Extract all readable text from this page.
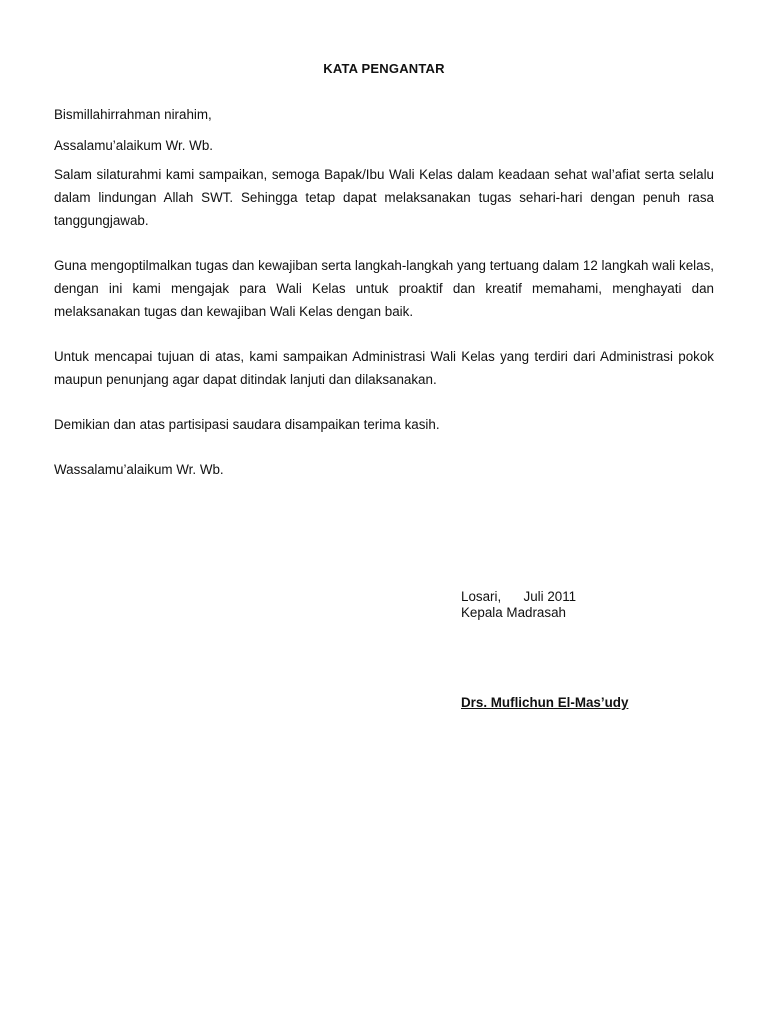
KATA PENGANTAR

Bismillahirrahman nirahim,

Assalamu’alaikum Wr. Wb.

Salam silaturahmi kami sampaikan, semoga Bapak/Ibu Wali Kelas dalam keadaan sehat wal’afiat serta selalu dalam lindungan Allah SWT. Sehingga tetap dapat melaksanakan tugas sehari-hari dengan penuh rasa tanggungjawab.

Guna mengoptilmalkan tugas dan kewajiban serta langkah-langkah yang tertuang dalam 12 langkah wali kelas, dengan ini kami mengajak para Wali Kelas untuk proaktif dan kreatif memahami, menghayati dan melaksanakan tugas dan kewajiban Wali Kelas dengan baik.

Untuk mencapai tujuan di atas, kami sampaikan Administrasi Wali Kelas yang terdiri dari Administrasi pokok maupun penunjang agar dapat ditindak lanjuti dan dilaksanakan.

Demikian dan atas partisipasi saudara disampaikan terima kasih.

Wassalamu’alaikum Wr. Wb.

Losari,      Juli 2011
Kepala Madrasah
Drs. Muflichun El-Mas’udy
